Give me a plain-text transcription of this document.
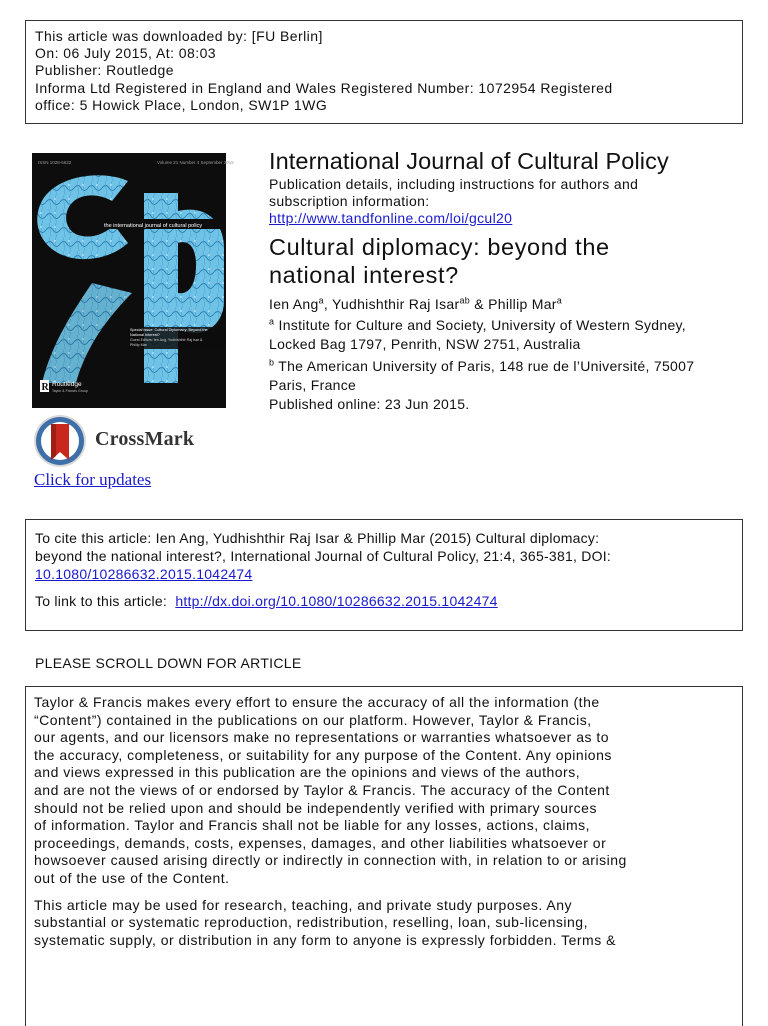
This article was downloaded by: [FU Berlin]
On: 06 July 2015, At: 08:03
Publisher: Routledge
Informa Ltd Registered in England and Wales Registered Number: 1072954 Registered
office: 5 Howick Place, London, SW1P 1WG
ISSN 1028-6632	Volume 21 Number 4 September 2015
the international journal of cultural policy
Special issue: Cultural Diplomacy: Beyond the
National Interest?
Guest Editors: Ien Ang, Yudhishthir Raj Isar &
Phillip Mar
R Routledge
Taylor & Francis Group
CrossMark
Click for updates
International Journal of Cultural Policy
Publication details, including instructions for authors and
subscription information:
http://www.tandfonline.com/loi/gcul20
Cultural diplomacy: beyond the
national interest?
Ien Ang$^a$, Yudhishthir Raj Isar$^{ab}$ & Phillip Mar$^a$
$^a$ Institute for Culture and Society, University of Western Sydney,
Locked Bag 1797, Penrith, NSW 2751, Australia
$^b$ The American University of Paris, 148 rue de l’Université, 75007
Paris, France
Published online: 23 Jun 2015.
To cite this article: Ien Ang, Yudhishthir Raj Isar & Phillip Mar (2015) Cultural diplomacy:
beyond the national interest?, International Journal of Cultural Policy, 21:4, 365-381, DOI:
10.1080/10286632.2015.1042474
To link to this article:  http://dx.doi.org/10.1080/10286632.2015.1042474
PLEASE SCROLL DOWN FOR ARTICLE
Taylor & Francis makes every effort to ensure the accuracy of all the information (the
“Content”) contained in the publications on our platform. However, Taylor & Francis,
our agents, and our licensors make no representations or warranties whatsoever as to
the accuracy, completeness, or suitability for any purpose of the Content. Any opinions
and views expressed in this publication are the opinions and views of the authors,
and are not the views of or endorsed by Taylor & Francis. The accuracy of the Content
should not be relied upon and should be independently verified with primary sources
of information. Taylor and Francis shall not be liable for any losses, actions, claims,
proceedings, demands, costs, expenses, damages, and other liabilities whatsoever or
howsoever caused arising directly or indirectly in connection with, in relation to or arising
out of the use of the Content.
This article may be used for research, teaching, and private study purposes. Any
substantial or systematic reproduction, redistribution, reselling, loan, sub-licensing,
systematic supply, or distribution in any form to anyone is expressly forbidden. Terms &
